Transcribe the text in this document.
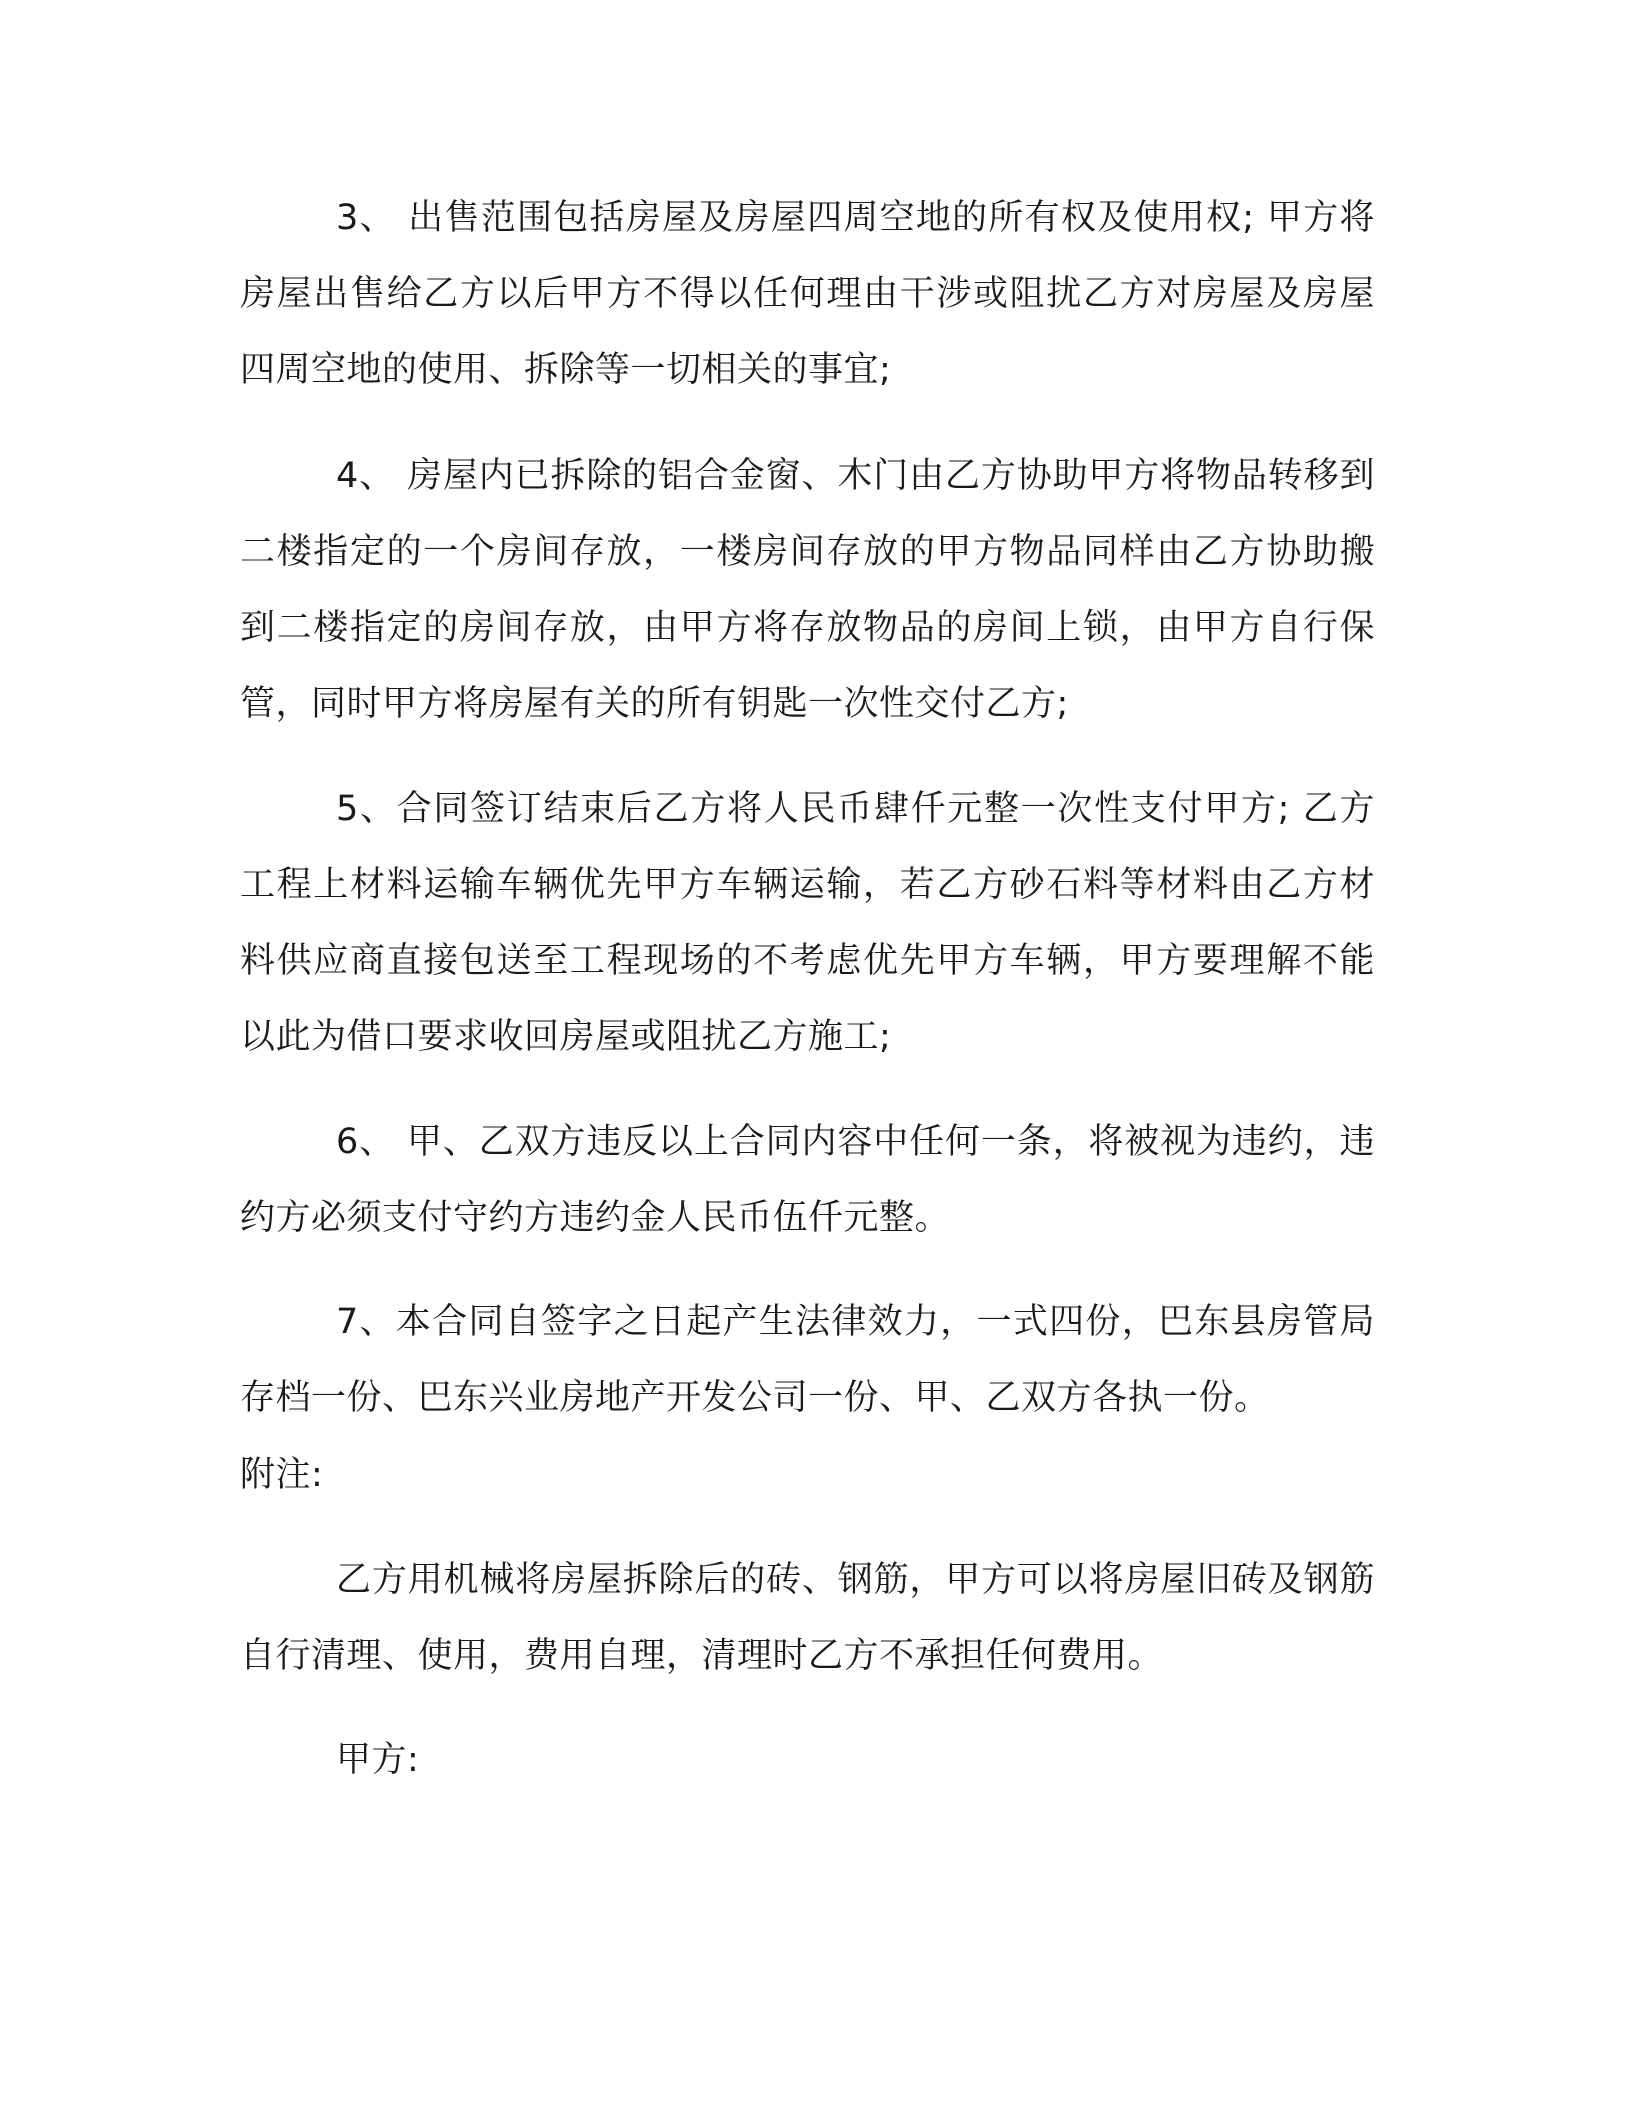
3、 出售范围包括房屋及房屋四周空地的所有权及使用权; 甲方将房屋出售给乙方以后甲方不得以任何理由干涉或阻扰乙方对房屋及房屋四周空地的使用、拆除等一切相关的事宜;

4、 房屋内已拆除的铝合金窗、木门由乙方协助甲方将物品转移到二楼指定的一个房间存放，一楼房间存放的甲方物品同样由乙方协助搬到二楼指定的房间存放，由甲方将存放物品的房间上锁，由甲方自行保管，同时甲方将房屋有关的所有钥匙一次性交付乙方;

5、合同签订结束后乙方将人民币肆仟元整一次性支付甲方; 乙方工程上材料运输车辆优先甲方车辆运输，若乙方砂石料等材料由乙方材料供应商直接包送至工程现场的不考虑优先甲方车辆，甲方要理解不能以此为借口要求收回房屋或阻扰乙方施工;

6、 甲、乙双方违反以上合同内容中任何一条，将被视为违约，违约方必须支付守约方违约金人民币伍仟元整。

7、本合同自签字之日起产生法律效力，一式四份，巴东县房管局存档一份、巴东兴业房地产开发公司一份、甲、乙双方各执一份。

附注:

乙方用机械将房屋拆除后的砖、钢筋，甲方可以将房屋旧砖及钢筋自行清理、使用，费用自理，清理时乙方不承担任何费用。

甲方:
